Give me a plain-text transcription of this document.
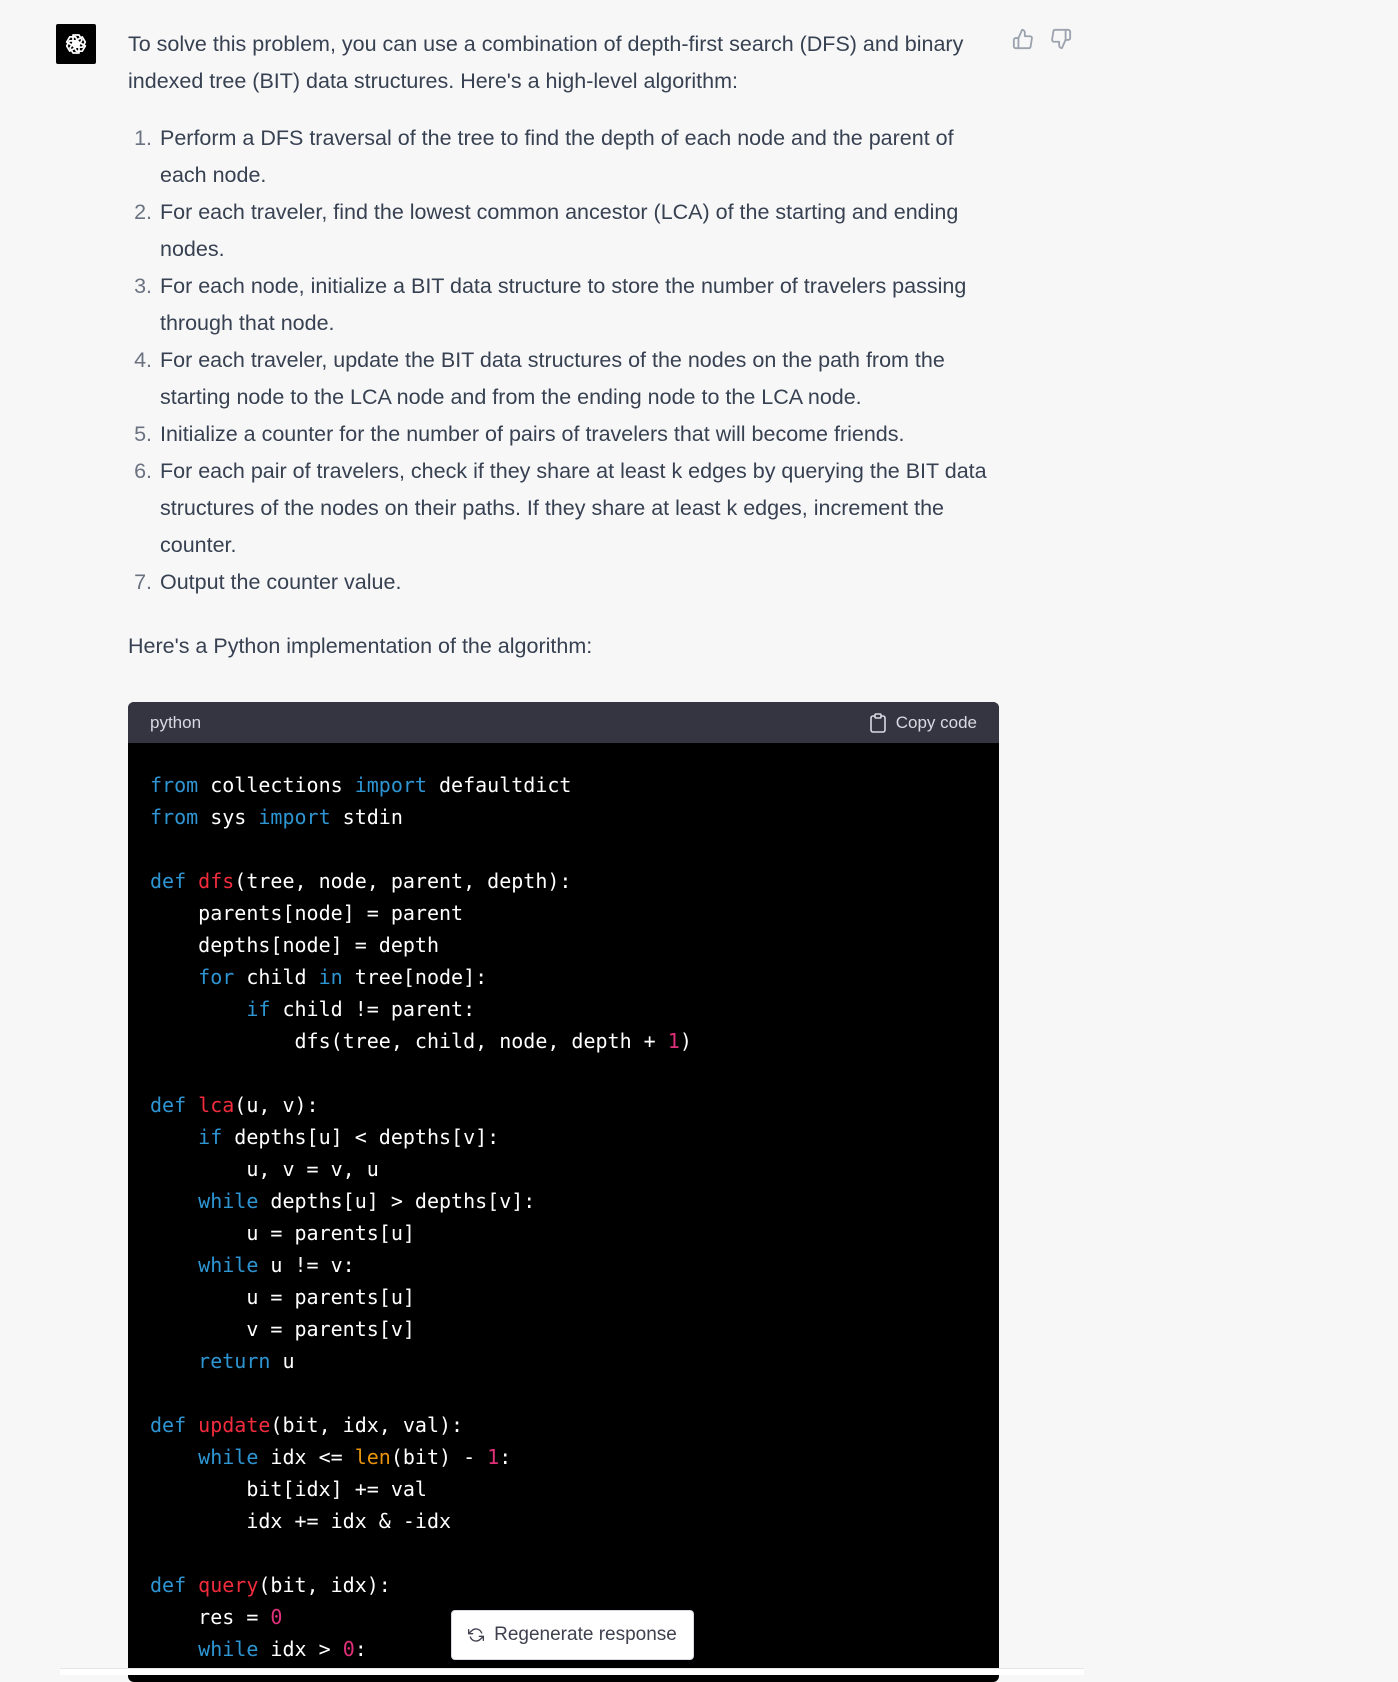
To solve this problem, you can use a combination of depth-first search (DFS) and binary indexed tree (BIT) data structures. Here's a high-level algorithm:

1. Perform a DFS traversal of the tree to find the depth of each node and the parent of each node.
2. For each traveler, find the lowest common ancestor (LCA) of the starting and ending nodes.
3. For each node, initialize a BIT data structure to store the number of travelers passing through that node.
4. For each traveler, update the BIT data structures of the nodes on the path from the starting node to the LCA node and from the ending node to the LCA node.
5. Initialize a counter for the number of pairs of travelers that will become friends.
6. For each pair of travelers, check if they share at least k edges by querying the BIT data structures of the nodes on their paths. If they share at least k edges, increment the counter.
7. Output the counter value.

Here's a Python implementation of the algorithm:

python	Copy code
from collections import defaultdict
from sys import stdin

def dfs(tree, node, parent, depth):
parents[node] = parent
depths[node] = depth
for child in tree[node]:
if child != parent:
dfs(tree, child, node, depth + 1)

def lca(u, v):
if depths[u] < depths[v]:
u, v = v, u
while depths[u] > depths[v]:
u = parents[u]
while u != v:
u = parents[u]
v = parents[v]
return u

def update(bit, idx, val):
while idx <= len(bit) - 1:
bit[idx] += val
idx += idx & -idx

def query(bit, idx):
res = 0
while idx > 0:
Regenerate response
